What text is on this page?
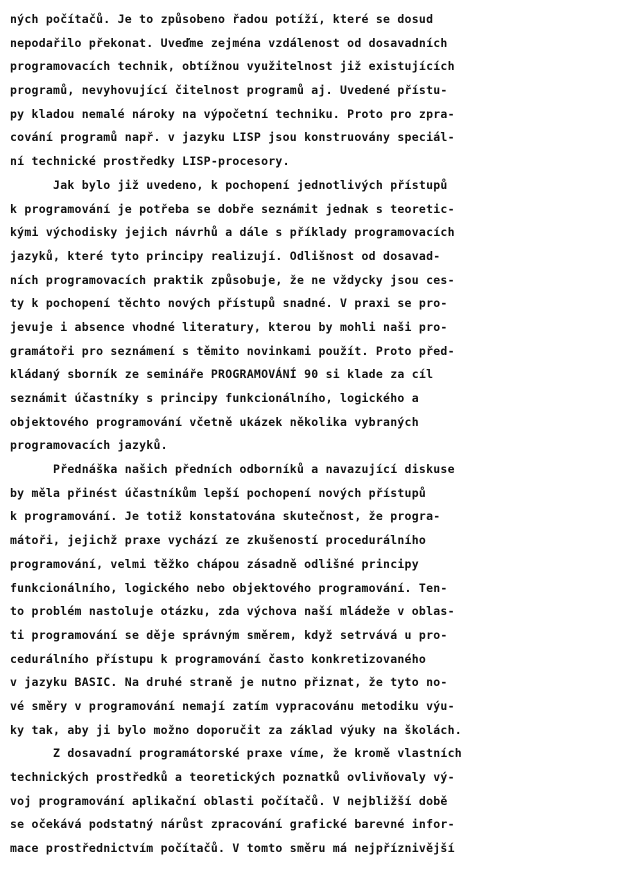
ných počítačů. Je to způsobeno řadou potíží, které se dosud
nepodařilo překonat. Uveďme zejména vzdálenost od dosavadních
programovacích technik, obtížnou využitelnost již existujících
programů, nevyhovující čitelnost programů aj. Uvedené přístu-
py kladou nemalé nároky na výpočetní techniku. Proto pro zpra-
cování programů např. v jazyku LISP jsou konstruovány speciál-
ní technické prostředky LISP-procesory.
Jak bylo již uvedeno, k pochopení jednotlivých přístupů
k programování je potřeba se dobře seznámit jednak s teoretic-
kými východisky jejich návrhů a dále s příklady programovacích
jazyků, které tyto principy realizují. Odlišnost od dosavad-
ních programovacích praktik způsobuje, že ne vždycky jsou ces-
ty k pochopení těchto nových přístupů snadné. V praxi se pro-
jevuje i absence vhodné literatury, kterou by mohli naši pro-
gramátoři pro seznámení s těmito novinkami použít. Proto před-
kládaný sborník ze semináře PROGRAMOVÁNÍ 90 si klade za cíl
seznámit účastníky s principy funkcionálního, logického a
objektového programování včetně ukázek několika vybraných
programovacích jazyků.
Přednáška našich předních odborníků a navazující diskuse
by měla přinést účastníkům lepší pochopení nových přístupů
k programování. Je totiž konstatována skutečnost, že progra-
mátoři, jejichž praxe vychází ze zkušeností procedurálního
programování, velmi těžko chápou zásadně odlišné principy
funkcionálního, logického nebo objektového programování. Ten-
to problém nastoluje otázku, zda výchova naší mládeže v oblas-
ti programování se děje správným směrem, když setrvává u pro-
cedurálního přístupu k programování často konkretizovaného
v jazyku BASIC. Na druhé straně je nutno přiznat, že tyto no-
vé směry v programování nemají zatím vypracovánu metodiku výu-
ky tak, aby ji bylo možno doporučit za základ výuky na školách.
Z dosavadní programátorské praxe víme, že kromě vlastních
technických prostředků a teoretických poznatků ovlivňovaly vý-
voj programování aplikační oblasti počítačů. V nejbližší době
se očekává podstatný nárůst zpracování grafické barevné infor-
mace prostřednictvím počítačů. V tomto směru má nejpříznivější
